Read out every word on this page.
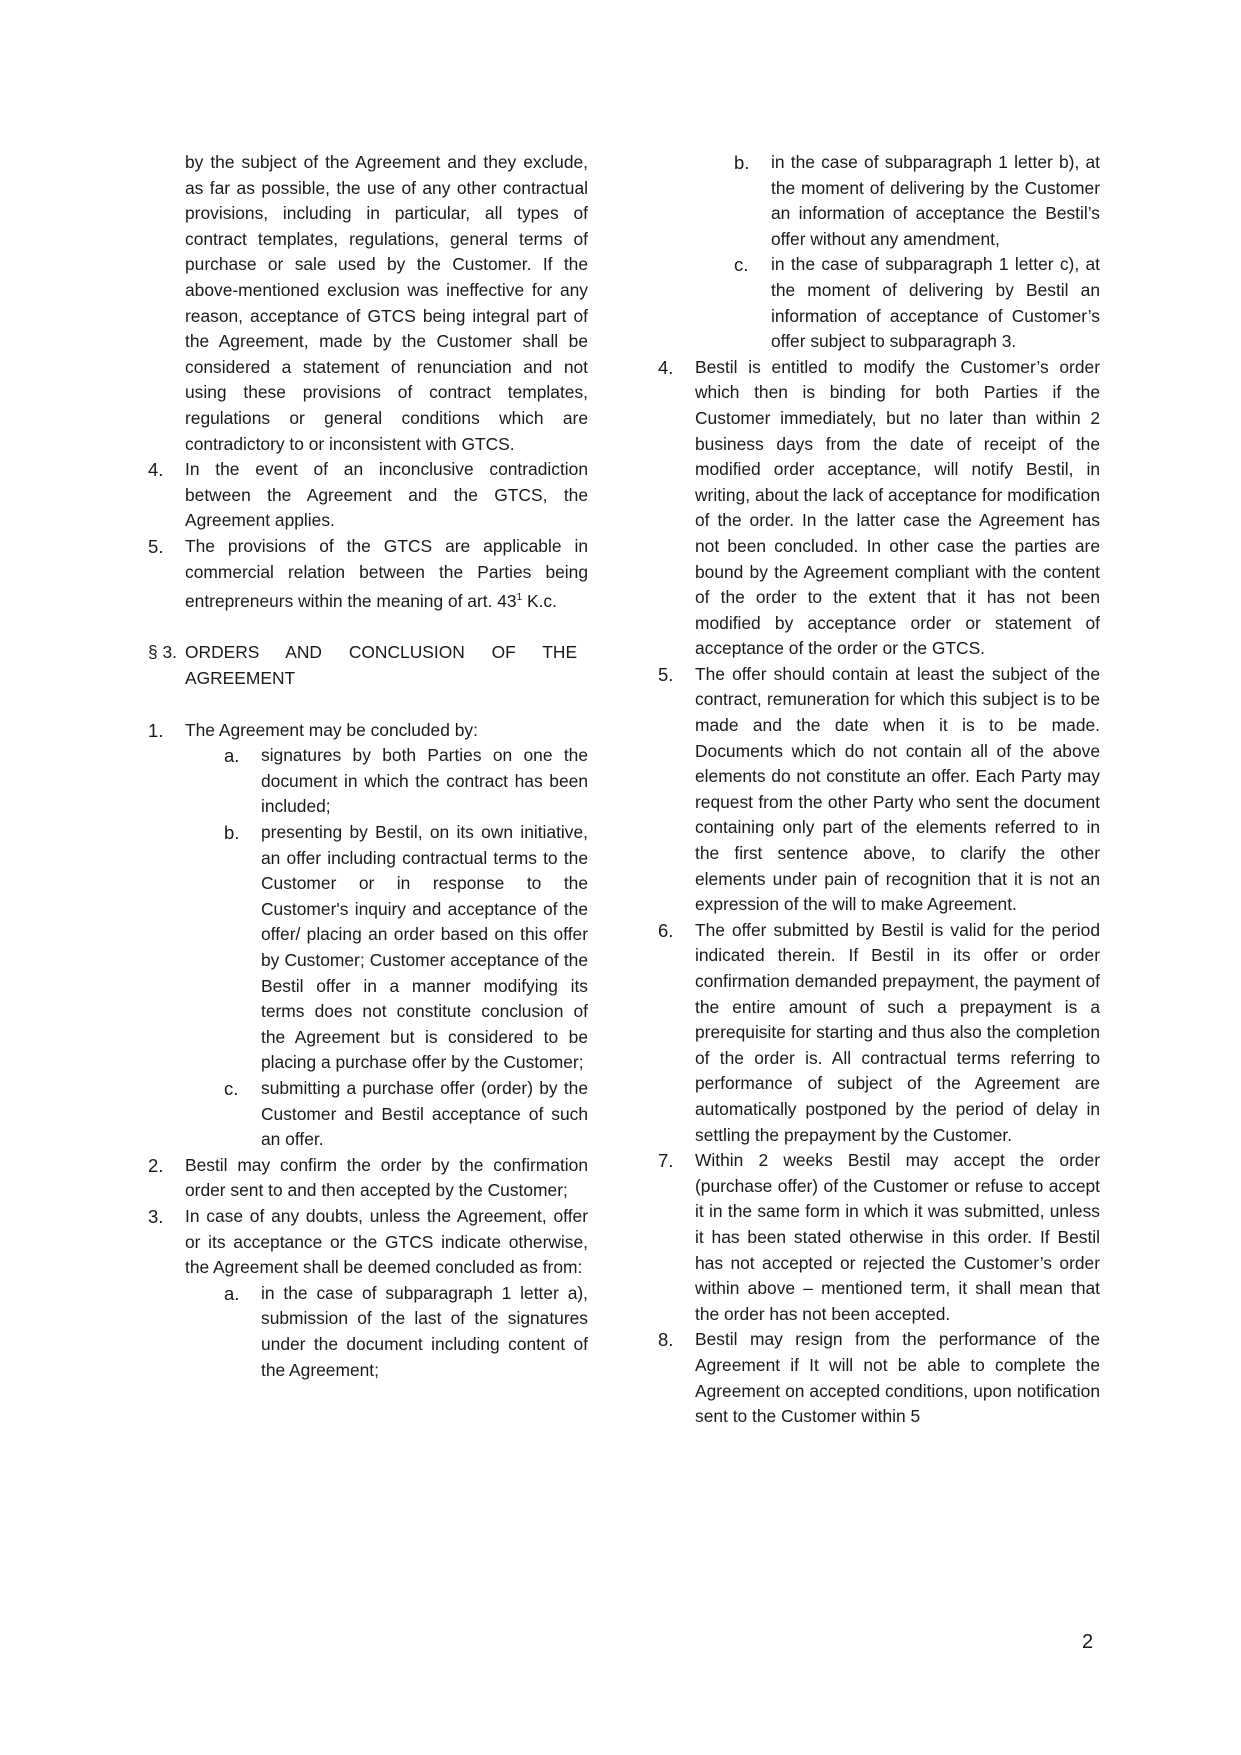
by the subject of the Agreement and they exclude, as far as possible, the use of any other contractual provisions, including in particular, all types of contract templates, regulations, general terms of purchase or sale used by the Customer. If the above-mentioned exclusion was ineffective for any reason, acceptance of GTCS being integral part of the Agreement, made by the Customer shall be considered a statement of renunciation and not using these provisions of contract templates, regulations or general conditions which are contradictory to or inconsistent with GTCS.

4. In the event of an inconclusive contradiction between the Agreement and the GTCS, the Agreement applies.
5. The provisions of the GTCS are applicable in commercial relation between the Parties being entrepreneurs within the meaning of art. $43^1$ K.c.
§ 3. ORDERS AND CONCLUSION OF THE AGREEMENT
1. The Agreement may be concluded by:
a. signatures by both Parties on one the document in which the contract has been included;
b. presenting by Bestil, on its own initiative, an offer including contractual terms to the Customer or in response to the Customer's inquiry and acceptance of the offer/ placing an order based on this offer by Customer; Customer acceptance of the Bestil offer in a manner modifying its terms does not constitute conclusion of the Agreement but is considered to be placing a purchase offer by the Customer;
c. submitting a purchase offer (order) by the Customer and Bestil acceptance of such an offer.
2. Bestil may confirm the order by the confirmation order sent to and then accepted by the Customer;
3. In case of any doubts, unless the Agreement, offer or its acceptance or the GTCS indicate otherwise, the Agreement shall be deemed concluded as from:
a. in the case of subparagraph 1 letter a), submission of the last of the signatures under the document including content of the Agreement;
b. in the case of subparagraph 1 letter b), at the moment of delivering by the Customer an information of acceptance the Bestil’s offer without any amendment,
c. in the case of subparagraph 1 letter c), at the moment of delivering by Bestil an information of acceptance of Customer’s offer subject to subparagraph 3.
4. Bestil is entitled to modify the Customer’s order which then is binding for both Parties if the Customer immediately, but no later than within 2 business days from the date of receipt of the modified order acceptance, will notify Bestil, in writing, about the lack of acceptance for modification of the order. In the latter case the Agreement has not been concluded. In other case the parties are bound by the Agreement compliant with the content of the order to the extent that it has not been modified by acceptance order or statement of acceptance of the order or the GTCS.
5. The offer should contain at least the subject of the contract, remuneration for which this subject is to be made and the date when it is to be made. Documents which do not contain all of the above elements do not constitute an offer. Each Party may request from the other Party who sent the document containing only part of the elements referred to in the first sentence above, to clarify the other elements under pain of recognition that it is not an expression of the will to make Agreement.
6. The offer submitted by Bestil is valid for the period indicated therein. If Bestil in its offer or order confirmation demanded prepayment, the payment of the entire amount of such a prepayment is a prerequisite for starting and thus also the completion of the order is. All contractual terms referring to performance of subject of the Agreement are automatically postponed by the period of delay in settling the prepayment by the Customer.
7. Within 2 weeks Bestil may accept the order (purchase offer) of the Customer or refuse to accept it in the same form in which it was submitted, unless it has been stated otherwise in this order. If Bestil has not accepted or rejected the Customer’s order within above – mentioned term, it shall mean that the order has not been accepted.
8. Bestil may resign from the performance of the Agreement if It will not be able to complete the Agreement on accepted conditions, upon notification sent to the Customer within 5
2
